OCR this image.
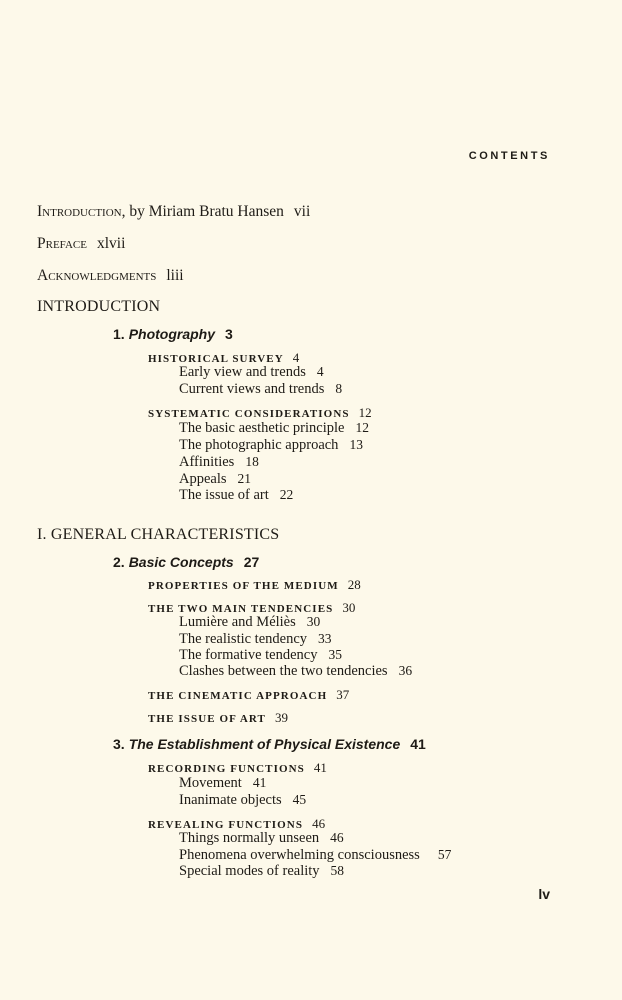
CONTENTS
Introduction, by Miriam Bratu Hansen vii
Preface xlvii
Acknowledgments liii
INTRODUCTION
1. Photography 3
HISTORICAL SURVEY 4
Early view and trends 4
Current views and trends 8
SYSTEMATIC CONSIDERATIONS 12
The basic aesthetic principle 12
The photographic approach 13
Affinities 18
Appeals 21
The issue of art 22
I. GENERAL CHARACTERISTICS
2. Basic Concepts 27
PROPERTIES OF THE MEDIUM 28
THE TWO MAIN TENDENCIES 30
Lumière and Méliès 30
The realistic tendency 33
The formative tendency 35
Clashes between the two tendencies 36
THE CINEMATIC APPROACH 37
THE ISSUE OF ART 39
3. The Establishment of Physical Existence 41
RECORDING FUNCTIONS 41
Movement 41
Inanimate objects 45
REVEALING FUNCTIONS 46
Things normally unseen 46
Phenomena overwhelming consciousness 57
Special modes of reality 58
lv
